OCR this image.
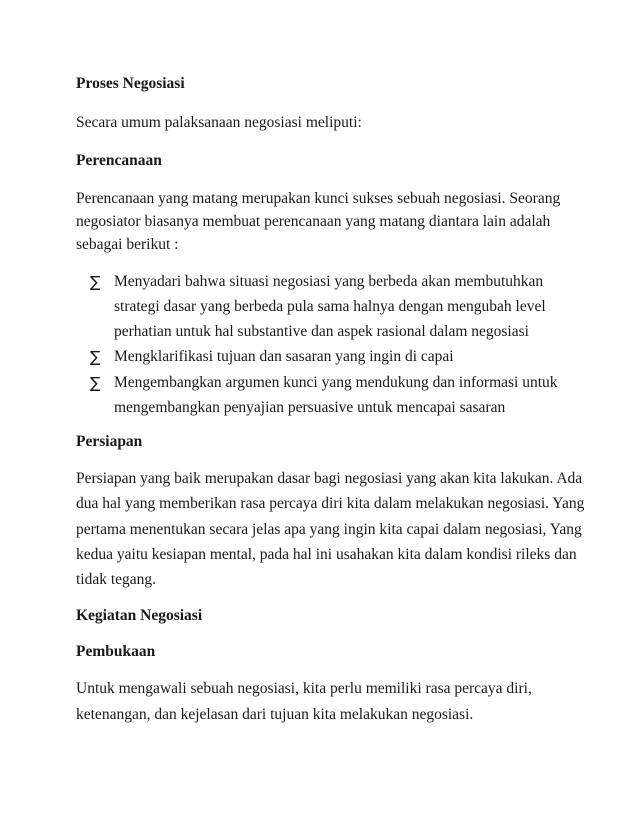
Proses Negosiasi
Secara umum palaksanaan negosiasi meliputi:
Perencanaan
Perencanaan yang matang merupakan kunci sukses sebuah negosiasi. Seorang
negosiator biasanya membuat perencanaan yang matang diantara lain adalah
sebagai berikut :
∑ Menyadari bahwa situasi negosiasi yang berbeda akan membutuhkan
strategi dasar yang berbeda pula sama halnya dengan mengubah level
perhatian untuk hal substantive dan aspek rasional dalam negosiasi
∑ Mengklarifikasi tujuan dan sasaran yang ingin di capai
∑ Mengembangkan argumen kunci yang mendukung dan informasi untuk
mengembangkan penyajian persuasive untuk mencapai sasaran
Persiapan
Persiapan yang baik merupakan dasar bagi negosiasi yang akan kita lakukan. Ada
dua hal yang memberikan rasa percaya diri kita dalam melakukan negosiasi. Yang
pertama menentukan secara jelas apa yang ingin kita capai dalam negosiasi, Yang
kedua yaitu kesiapan mental, pada hal ini usahakan kita dalam kondisi rileks dan
tidak tegang.
Kegiatan Negosiasi
Pembukaan
Untuk mengawali sebuah negosiasi, kita perlu memiliki rasa percaya diri,
ketenangan, dan kejelasan dari tujuan kita melakukan negosiasi.
